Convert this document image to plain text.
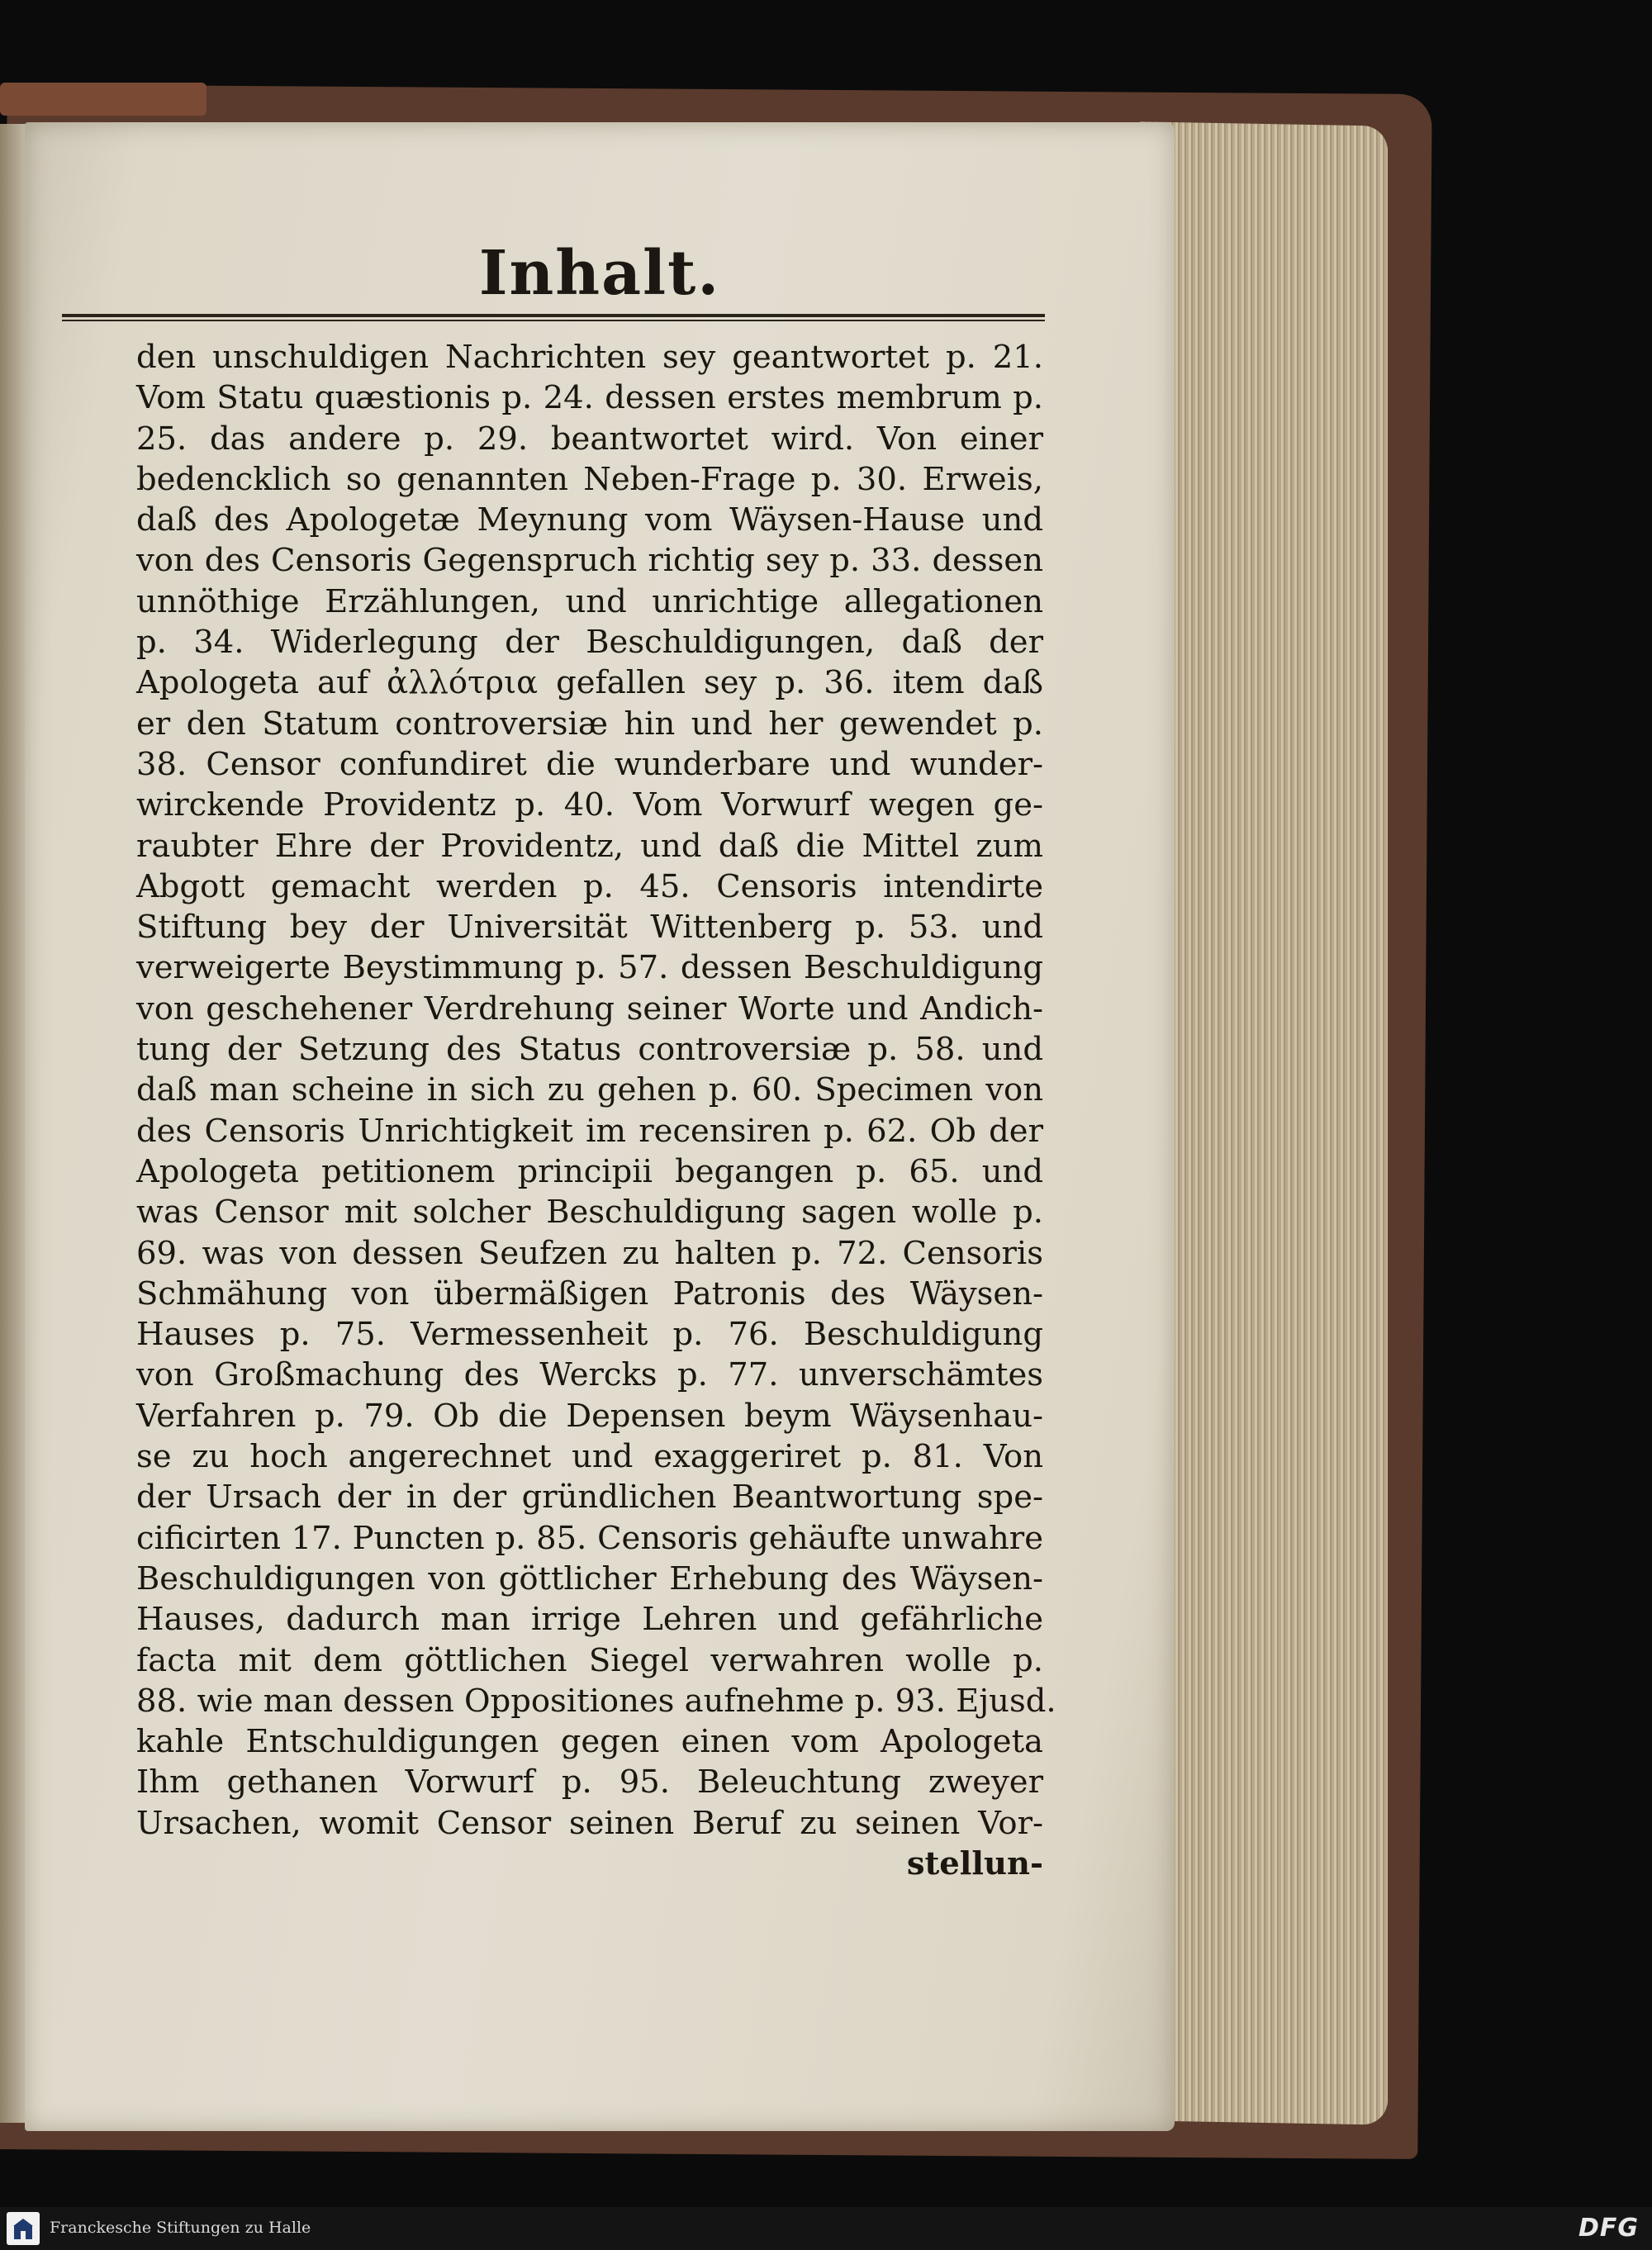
Inhalt.
den unschuldigen Nachrichten sey geantwortet p. 21.
Vom Statu quæstionis p. 24. dessen erstes membrum p.
25. das andere p. 29. beantwortet wird. Von einer
bedencklich so genannten Neben-Frage p. 30. Erweis,
daß des Apologetæ Meynung vom Wäysen-Hause und
von des Censoris Gegenspruch richtig sey p. 33. dessen
unnöthige Erzählungen, und unrichtige allegationen
p. 34. Widerlegung der Beschuldigungen, daß der
Apologeta auf ἀλλότρια gefallen sey p. 36. item daß
er den Statum controversiæ hin und her gewendet p.
38. Censor confundiret die wunderbare und wunder-
wirckende Providentz p. 40. Vom Vorwurf wegen ge-
raubter Ehre der Providentz, und daß die Mittel zum
Abgott gemacht werden p. 45. Censoris intendirte
Stiftung bey der Universität Wittenberg p. 53. und
verweigerte Beystimmung p. 57. dessen Beschuldigung
von geschehener Verdrehung seiner Worte und Andich-
tung der Setzung des Status controversiæ p. 58. und
daß man scheine in sich zu gehen p. 60. Specimen von
des Censoris Unrichtigkeit im recensiren p. 62. Ob der
Apologeta petitionem principii begangen p. 65. und
was Censor mit solcher Beschuldigung sagen wolle p.
69. was von dessen Seufzen zu halten p. 72. Censoris
Schmähung von übermäßigen Patronis des Wäysen-
Hauses p. 75. Vermessenheit p. 76. Beschuldigung
von Großmachung des Wercks p. 77. unverschämtes
Verfahren p. 79. Ob die Depensen beym Wäysenhau-
se zu hoch angerechnet und exaggeriret p. 81. Von
der Ursach der in der gründlichen Beantwortung spe-
cificirten 17. Puncten p. 85. Censoris gehäufte unwahre
Beschuldigungen von göttlicher Erhebung des Wäysen-
Hauses, dadurch man irrige Lehren und gefährliche
facta mit dem göttlichen Siegel verwahren wolle p.
88. wie man dessen Oppositiones aufnehme p. 93. Ejusd.
kahle Entschuldigungen gegen einen vom Apologeta
Ihm gethanen Vorwurf p. 95. Beleuchtung zweyer
Ursachen, womit Censor seinen Beruf zu seinen Vor-
stellun-
Franckesche Stiftungen zu Halle	DFG
